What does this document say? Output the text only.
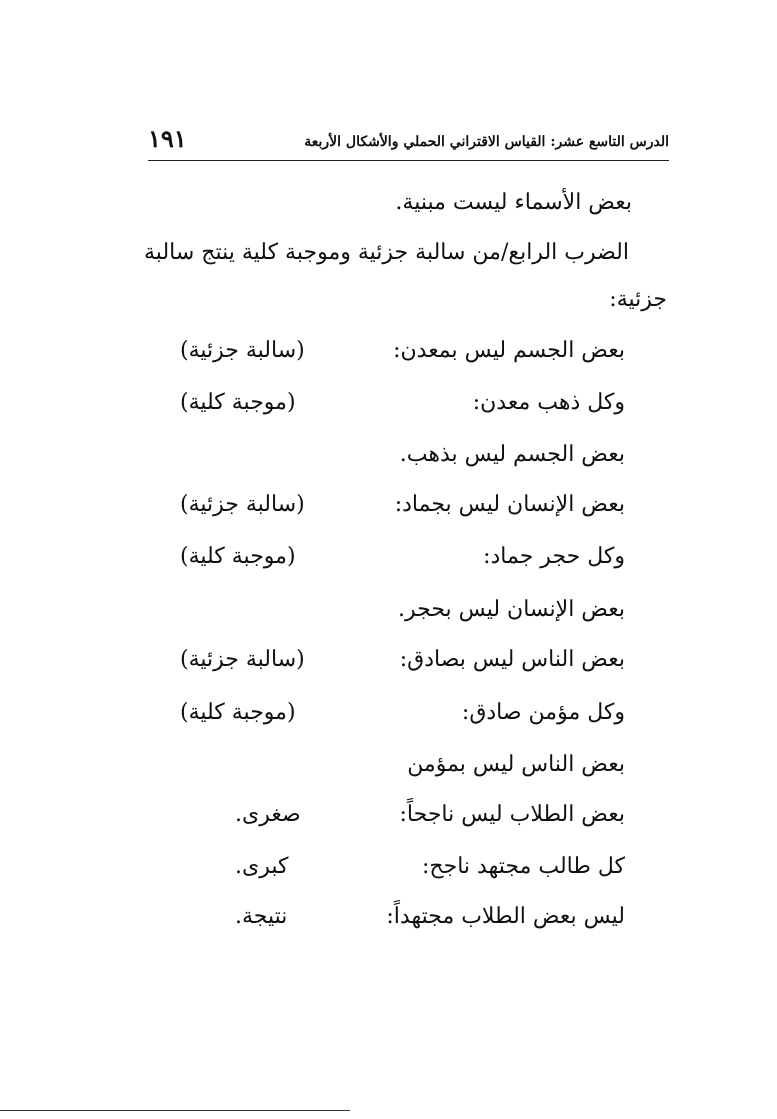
الدرس التاسع عشر: القياس الاقتراني الحملي والأشكال الأربعة
١٩١
بعض الأسماء ليست مبنية.
الضرب الرابع/من سالبة جزئية وموجبة كلية ينتج سالبة
جزئية:
بعض الجسم ليس بمعدن:
(سالبة جزئية)
وكل ذهب معدن:
(موجبة كلية)
بعض الجسم ليس بذهب.
بعض الإنسان ليس بجماد:
(سالبة جزئية)
وكل حجر جماد:
(موجبة كلية)
بعض الإنسان ليس بحجر.
بعض الناس ليس بصادق:
(سالبة جزئية)
وكل مؤمن صادق:
(موجبة كلية)
بعض الناس ليس بمؤمن
بعض الطلاب ليس ناجحاً:
صغرى.
كل طالب مجتهد ناجح:
كبرى.
ليس بعض الطلاب مجتهداً:
نتيجة.
